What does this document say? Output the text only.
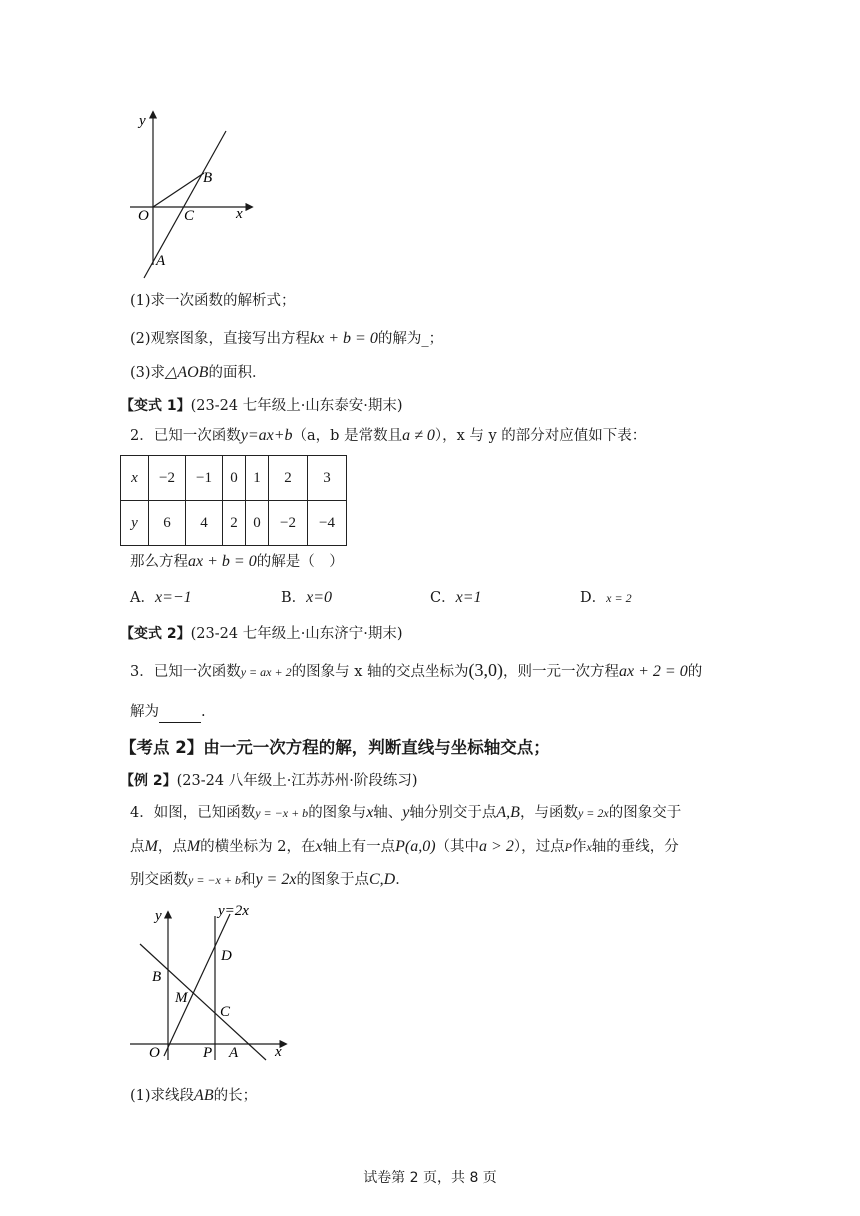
y
x
O C
B
A
(1)求一次函数的解析式；
(2)观察图象，直接写出方程kx + b = 0的解为_；
(3)求△AOB的面积．
【变式 1】(23-24 七年级上·山东泰安·期末)
2．已知一次函数y=ax+b（a，b 是常数且a ≠ 0），x 与 y 的部分对应值如下表：
x	−2	−1	0	1	2	3
y	6	4	2	0	−2	−4
那么方程ax + b = 0的解是（　）
A．x=−1	B．x=0	C．x=1	D．x = 2
【变式 2】(23-24 七年级上·山东济宁·期末)
3．已知一次函数y = ax + 2的图象与 x 轴的交点坐标为(3,0)，则一元一次方程ax + 2 = 0的
解为	.
【考点 2】由一元一次方程的解，判断直线与坐标轴交点；
【例 2】(23-24 八年级上·江苏苏州·阶段练习)
4．如图，已知函数y = −x + b的图象与x轴、y轴分别交于点A,B，与函数y = 2x的图象交于
点M，点M的横坐标为 2，在x轴上有一点P(a,0)（其中a > 2），过点P作x轴的垂线，分
别交函数y = −x + b和y = 2x的图象于点C,D．
y	y=2x
D
B
M
C
O	P A x
(1)求线段AB的长；
试卷第 2 页，共 8 页
